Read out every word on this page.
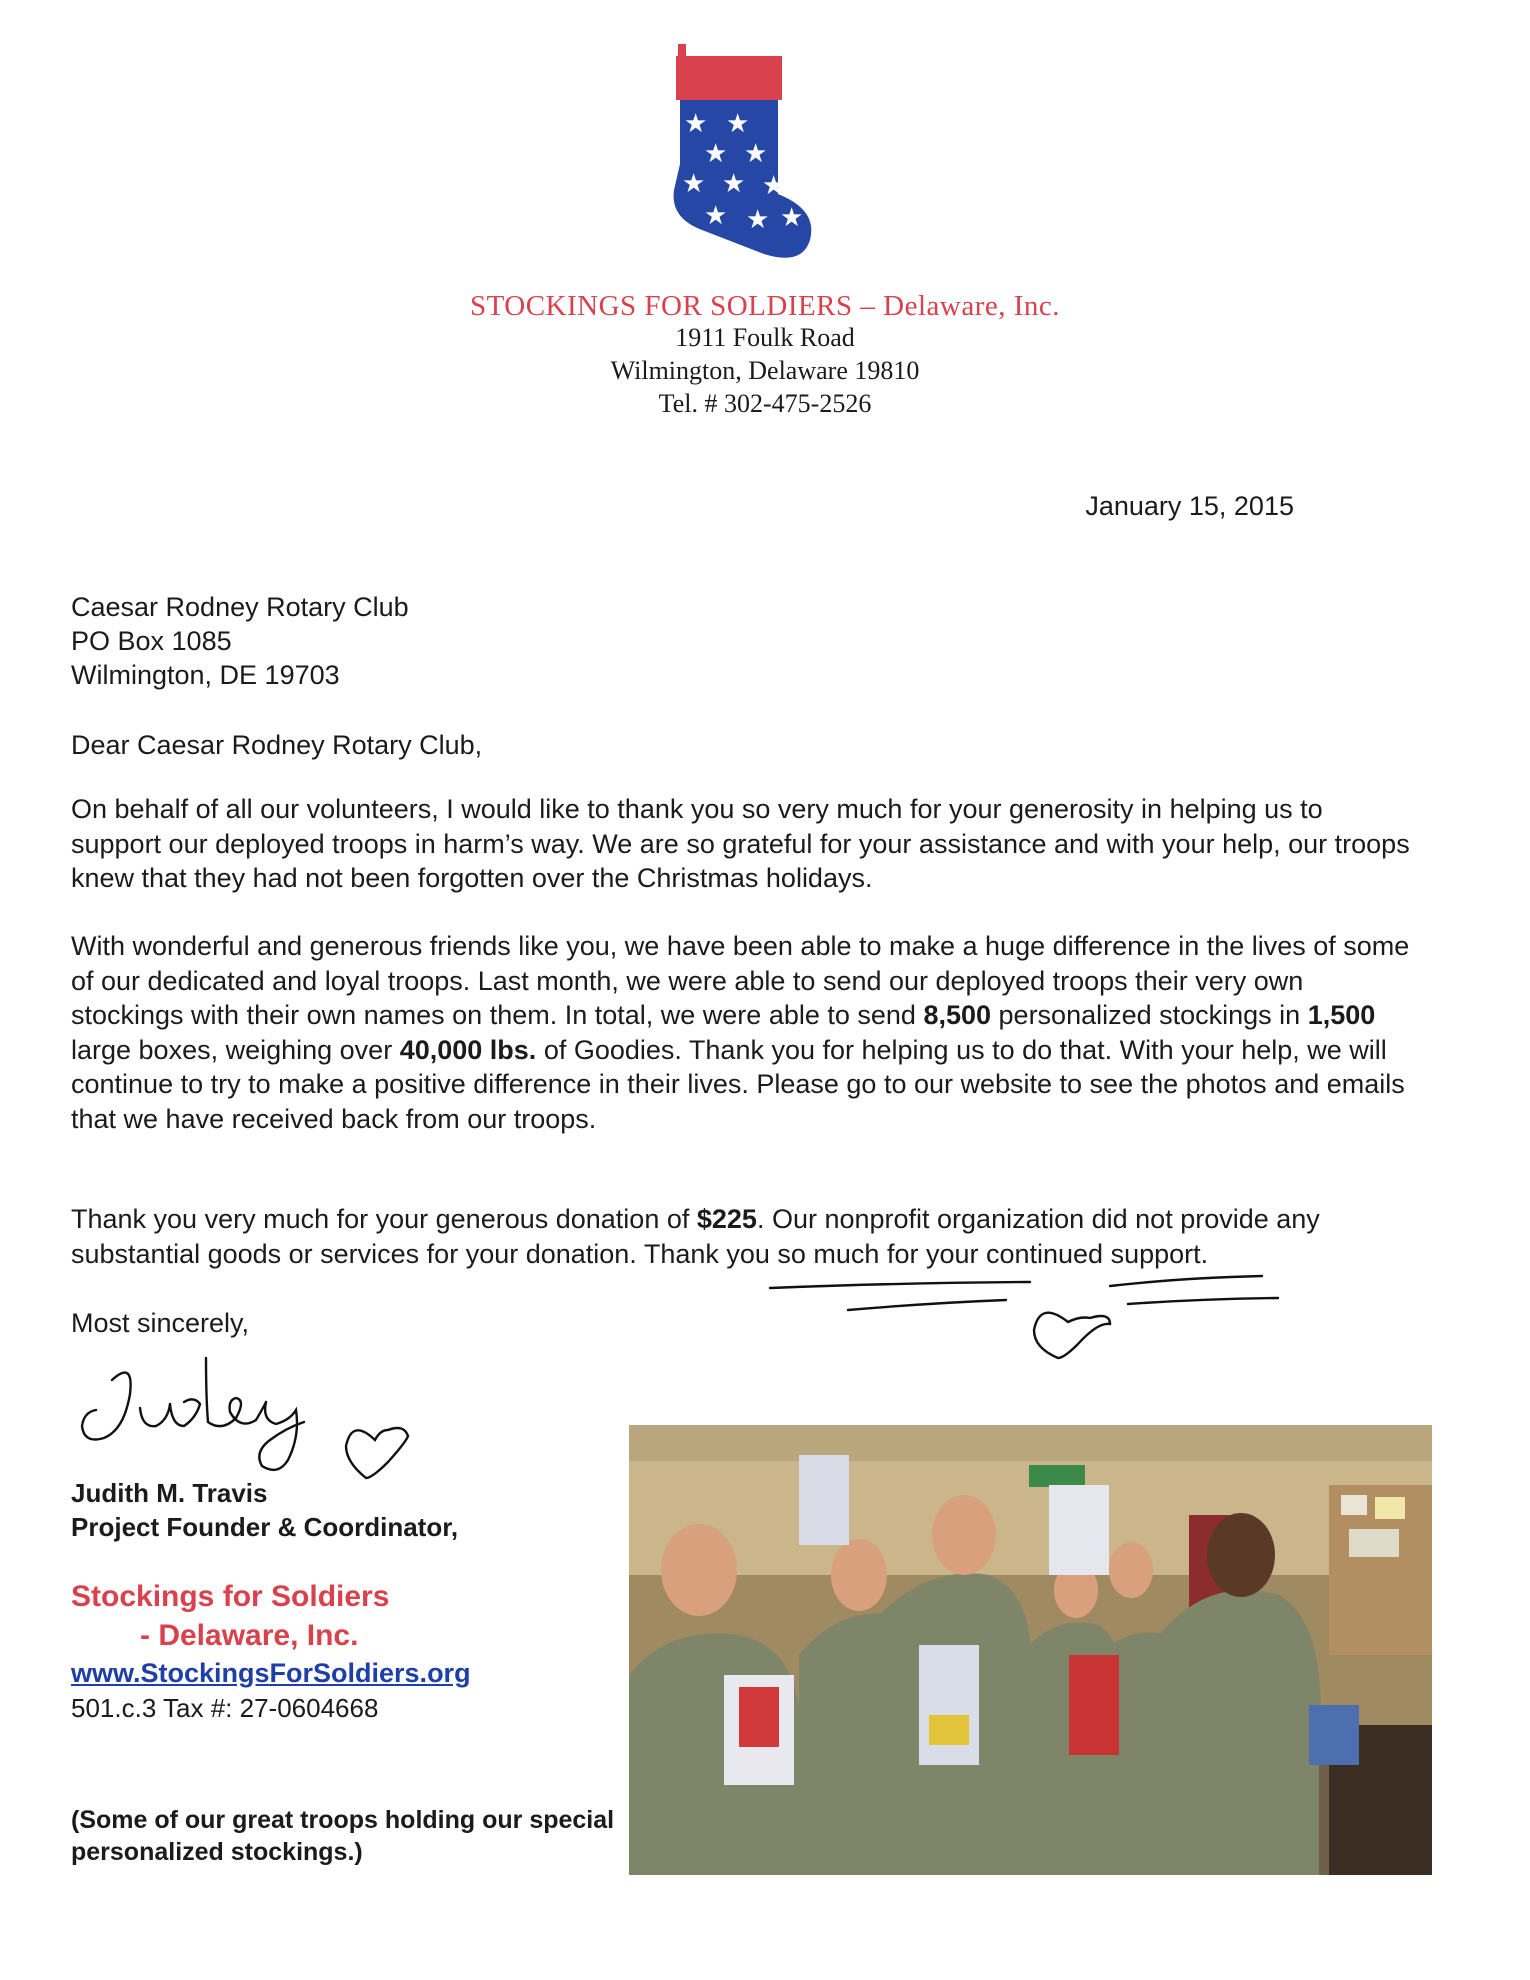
★ ★
★ ★
★ ★ ★
★ ★ ★
STOCKINGS FOR SOLDIERS – Delaware, Inc.
1911 Foulk Road
Wilmington, Delaware 19810
Tel. # 302-475-2526
January 15, 2015
Caesar Rodney Rotary Club
PO Box 1085
Wilmington, DE 19703
Dear Caesar Rodney Rotary Club,

On behalf of all our volunteers, I would like to thank you so very much for your generosity in helping us to support our deployed troops in harm’s way. We are so grateful for your assistance and with your help, our troops knew that they had not been forgotten over the Christmas holidays.

With wonderful and generous friends like you, we have been able to make a huge difference in the lives of some of our dedicated and loyal troops. Last month, we were able to send our deployed troops their very own stockings with their own names on them. In total, we were able to send 8,500 personalized stockings in 1,500 large boxes, weighing over 40,000 lbs. of Goodies. Thank you for helping us to do that. With your help, we will continue to try to make a positive difference in their lives. Please go to our website to see the photos and emails that we have received back from our troops.

Thank you very much for your generous donation of $225. Our nonprofit organization did not provide any substantial goods or services for your donation. Thank you so much for your continued support.

Most sincerely,
Judith M. Travis
Project Founder & Coordinator,
Stockings for Soldiers
- Delaware, Inc.
www.StockingsForSoldiers.org
501.c.3 Tax #: 27-0604668
(Some of our great troops holding our special personalized stockings.)
